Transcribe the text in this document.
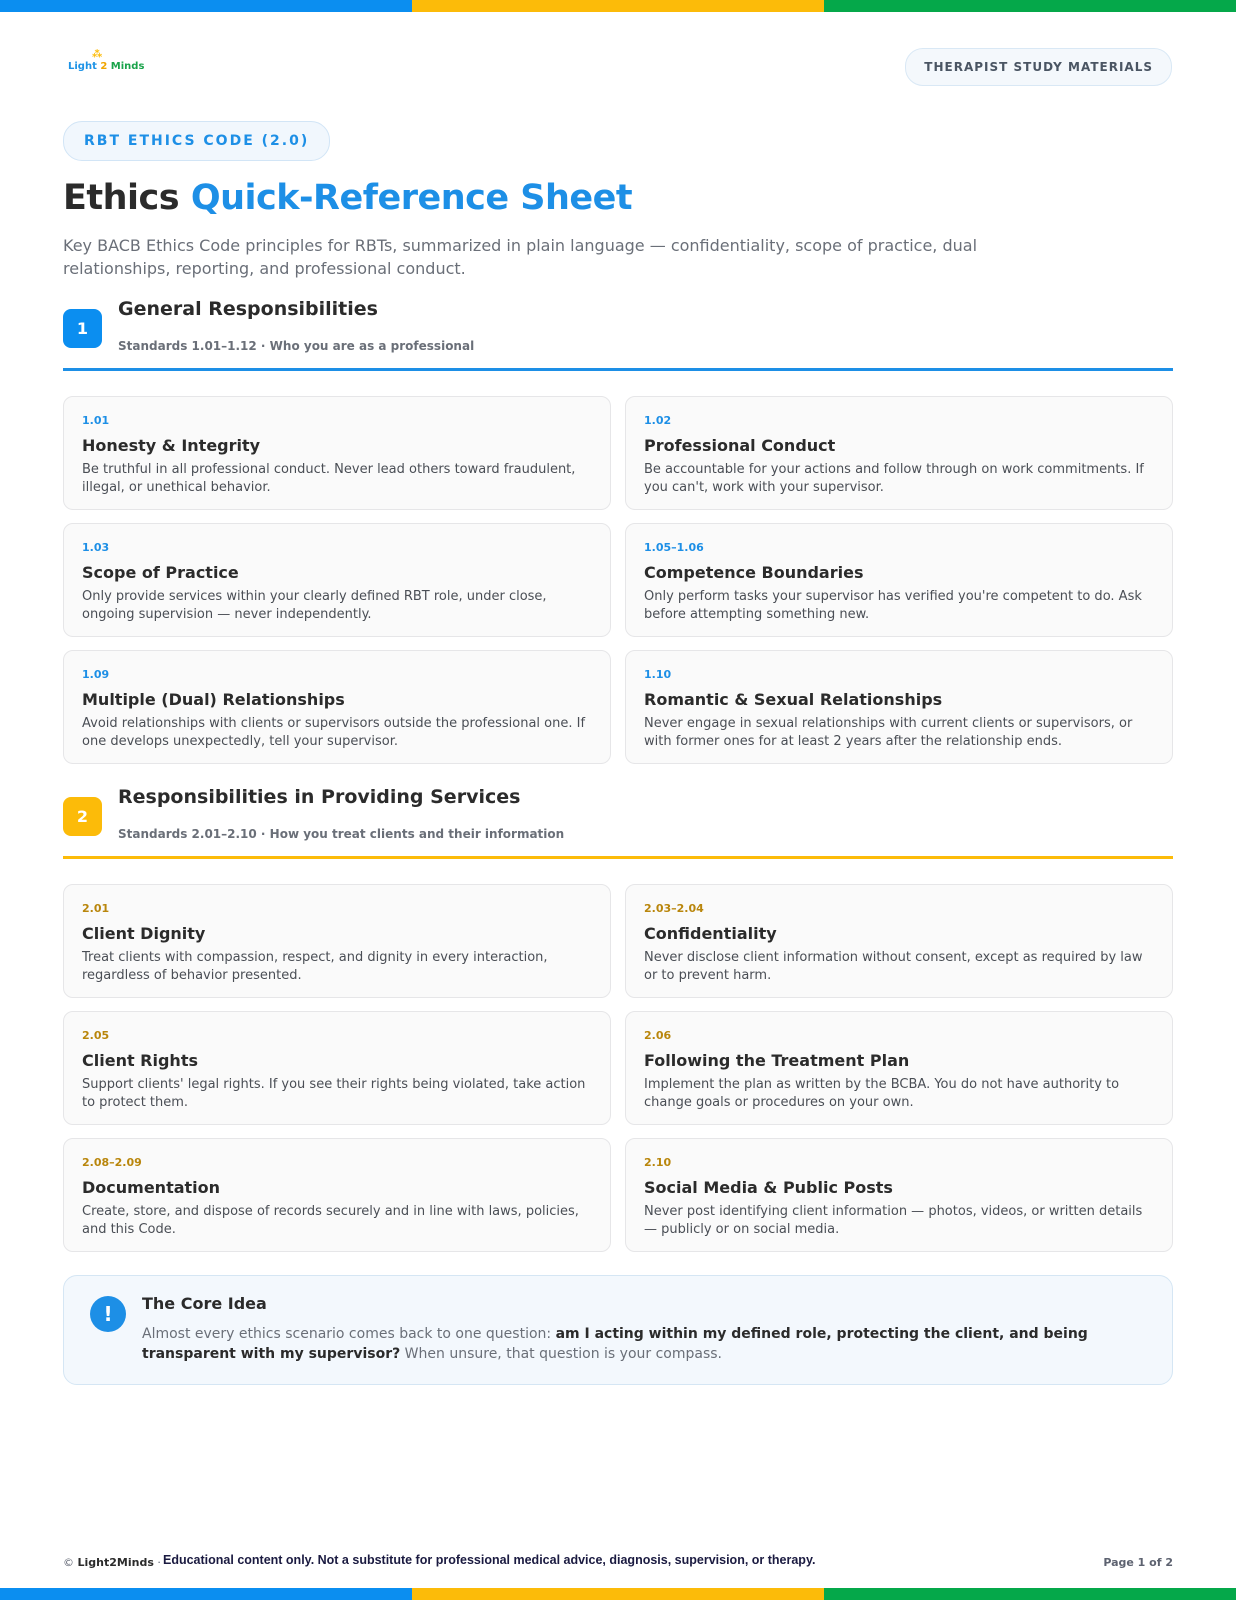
⁂
Light 2 Minds	THERAPIST STUDY MATERIALS
RBT ETHICS CODE (2.0)
Ethics Quick-Reference Sheet

Key BACB Ethics Code principles for RBTs, summarized in plain language — confidentiality, scope of practice, dual relationships, reporting, and professional conduct.

1
General Responsibilities
Standards 1.01–1.12 · Who you are as a professional
1.01
Honesty & Integrity
Be truthful in all professional conduct. Never lead others toward fraudulent, illegal, or unethical behavior.
1.02
Professional Conduct
Be accountable for your actions and follow through on work commitments. If you can't, work with your supervisor.
1.03
Scope of Practice
Only provide services within your clearly defined RBT role, under close, ongoing supervision — never independently.
1.05–1.06
Competence Boundaries
Only perform tasks your supervisor has verified you're competent to do. Ask before attempting something new.
1.09
Multiple (Dual) Relationships
Avoid relationships with clients or supervisors outside the professional one. If one develops unexpectedly, tell your supervisor.
1.10
Romantic & Sexual Relationships
Never engage in sexual relationships with current clients or supervisors, or with former ones for at least 2 years after the relationship ends.
2
Responsibilities in Providing Services
Standards 2.01–2.10 · How you treat clients and their information
2.01
Client Dignity
Treat clients with compassion, respect, and dignity in every interaction, regardless of behavior presented.
2.03–2.04
Confidentiality
Never disclose client information without consent, except as required by law or to prevent harm.
2.05
Client Rights
Support clients' legal rights. If you see their rights being violated, take action to protect them.
2.06
Following the Treatment Plan
Implement the plan as written by the BCBA. You do not have authority to change goals or procedures on your own.
2.08–2.09
Documentation
Create, store, and dispose of records securely and in line with laws, policies, and this Code.
2.10
Social Media & Public Posts
Never post identifying client information — photos, videos, or written details — publicly or on social media.
!	The Core Idea
Almost every ethics scenario comes back to one question: am I acting within my defined role, protecting the client, and being transparent with my supervisor? When unsure, that question is your compass.
© Light2Minds · Educational content only. Not a substitute for professional medical advice, diagnosis, supervision, or therapy.	Page 1 of 2
